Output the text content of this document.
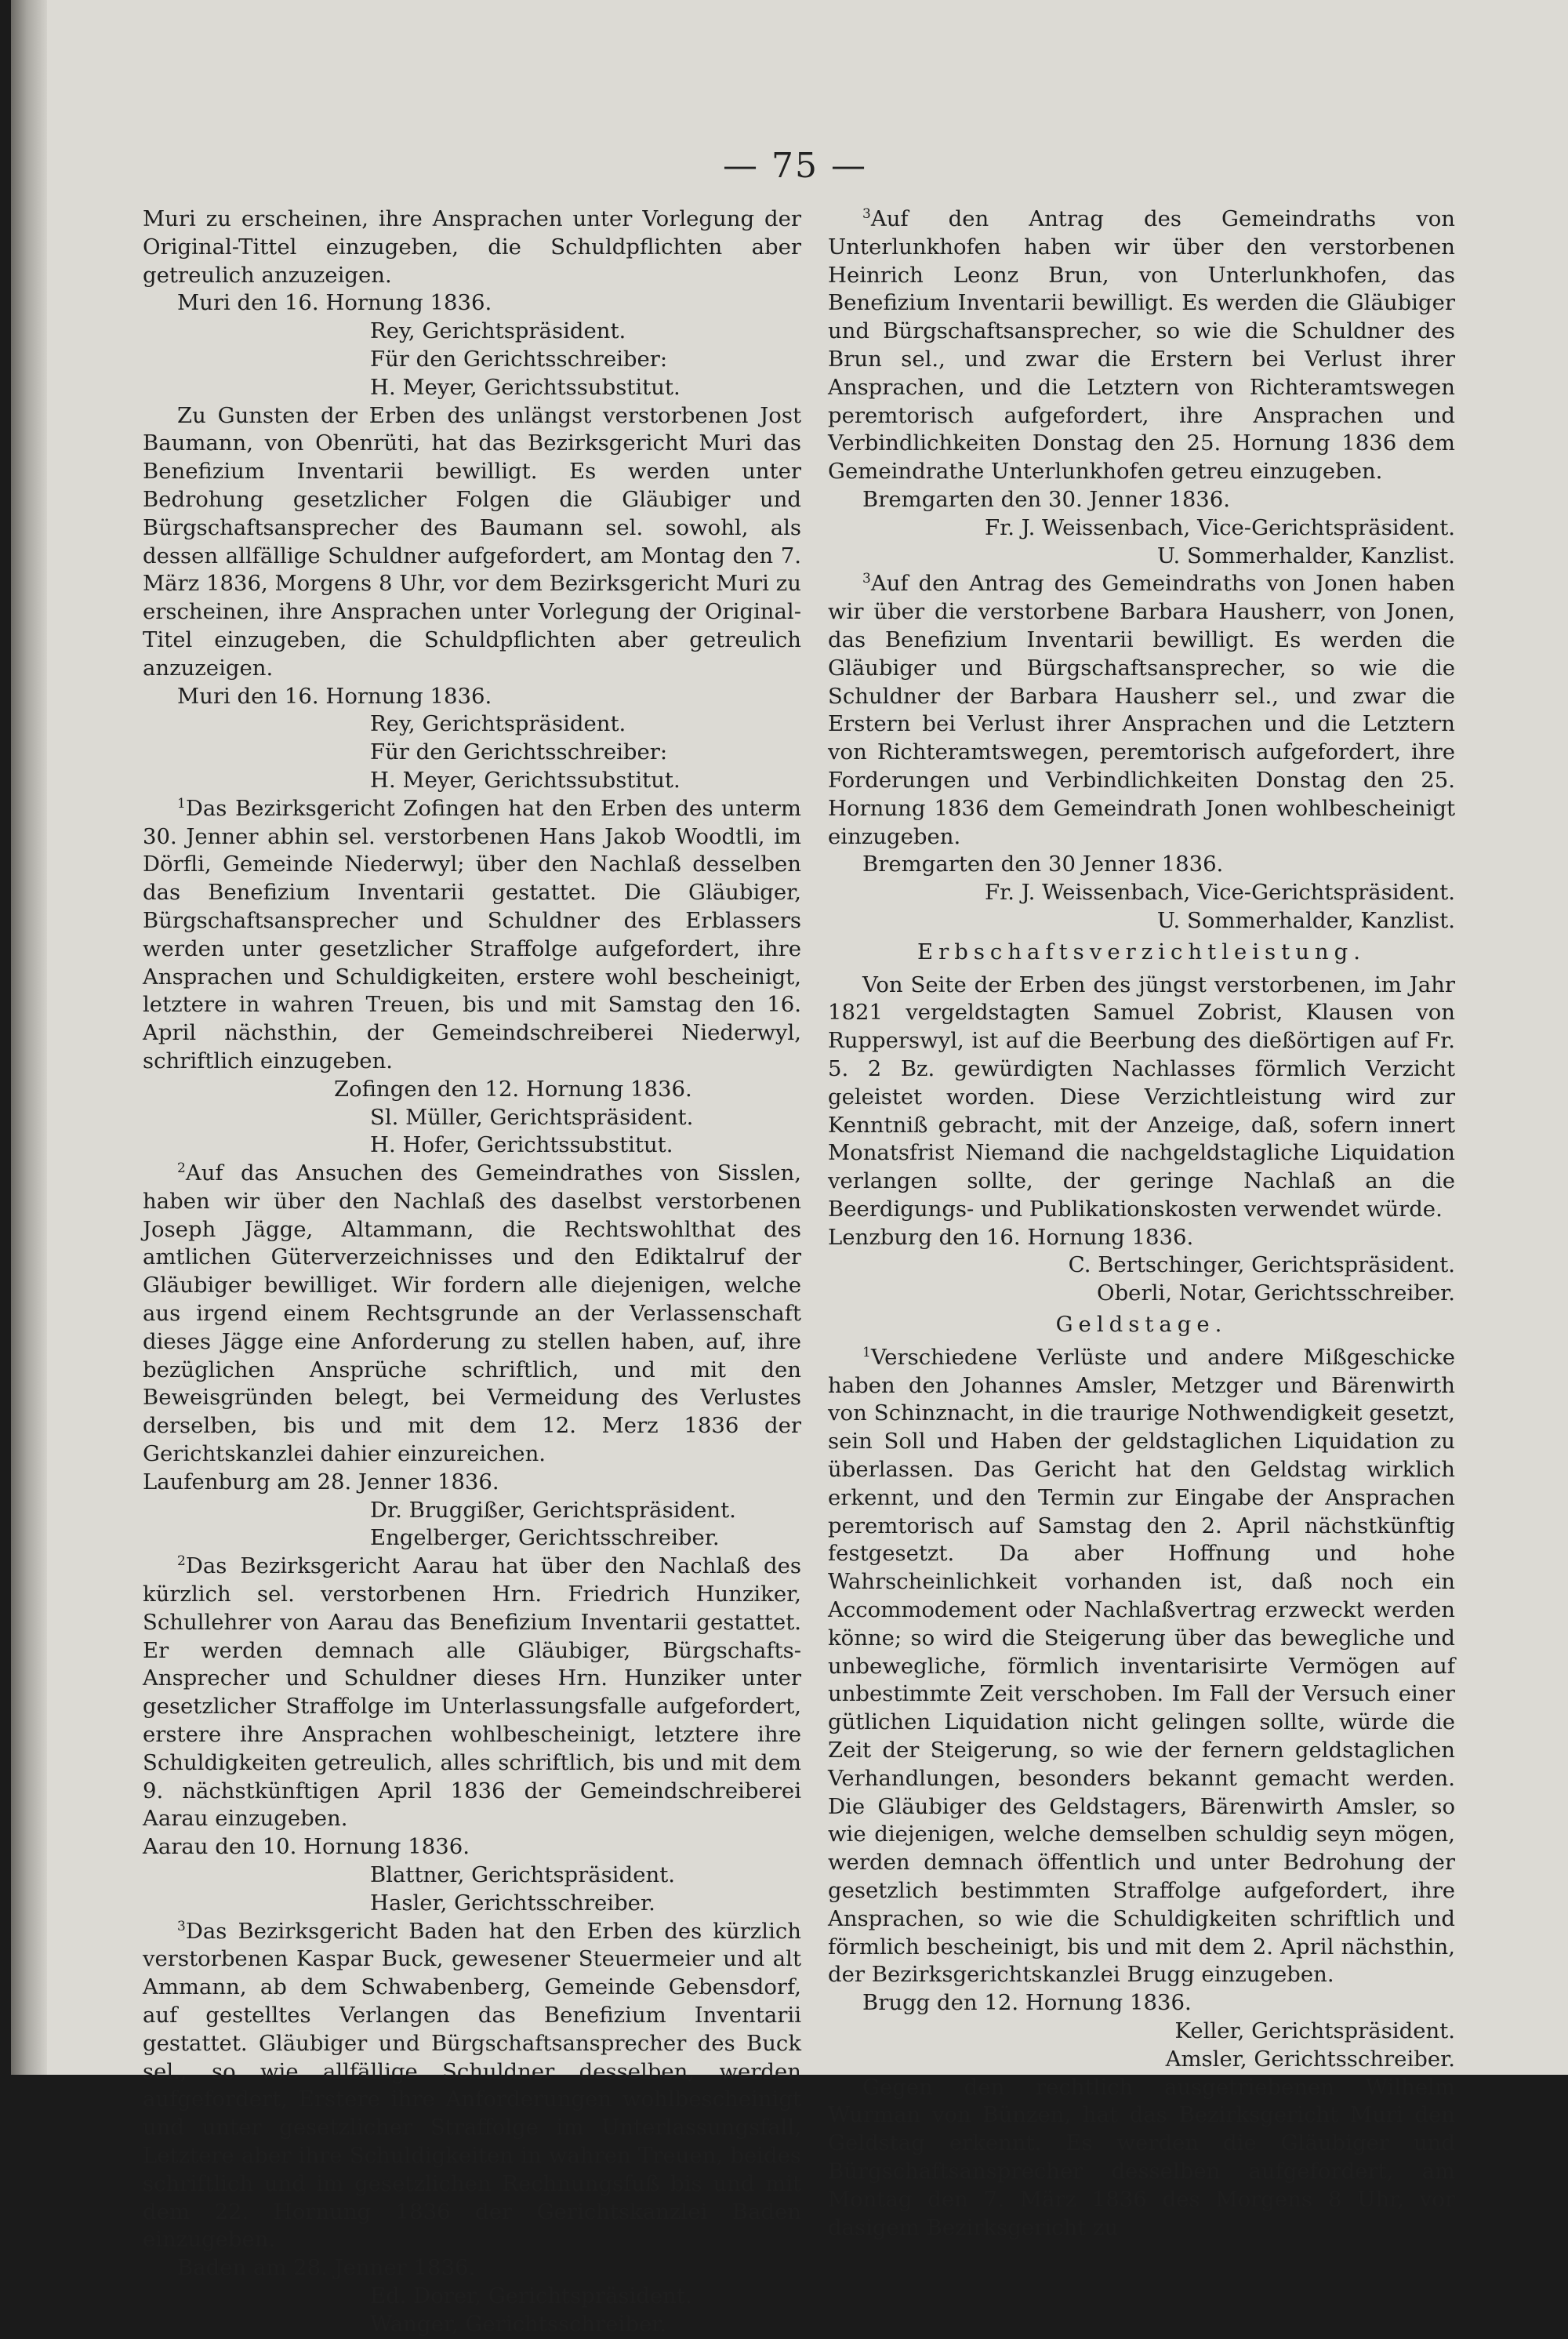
— 75 —

Muri zu erscheinen, ihre Ansprachen unter Vorlegung der Original-Tittel einzugeben, die Schuldpflichten aber getreulich anzuzeigen.

Muri den 16. Hornung 1836.

Rey, Gerichtspräsident.

Für den Gerichtsschreiber:

H. Meyer, Gerichtssubstitut.

Zu Gunsten der Erben des unlängst verstorbenen Jost Baumann, von Obenrüti, hat das Bezirksgericht Muri das Benefizium Inventarii bewilligt. Es werden unter Bedrohung gesetzlicher Folgen die Gläubiger und Bürgschaftsansprecher des Baumann sel. sowohl, als dessen allfällige Schuldner aufgefordert, am Montag den 7. März 1836, Morgens 8 Uhr, vor dem Bezirksgericht Muri zu erscheinen, ihre Ansprachen unter Vorlegung der Original-Titel einzugeben, die Schuldpflichten aber getreulich anzuzeigen.

Muri den 16. Hornung 1836.

Rey, Gerichtspräsident.

Für den Gerichtsschreiber:

H. Meyer, Gerichtssubstitut.

$^1$Das Bezirksgericht Zofingen hat den Erben des unterm 30. Jenner abhin sel. verstorbenen Hans Jakob Woodtli, im Dörfli, Gemeinde Niederwyl; über den Nachlaß desselben das Benefizium Inventarii gestattet. Die Gläubiger, Bürgschaftsansprecher und Schuldner des Erblassers werden unter gesetzlicher Straffolge aufgefordert, ihre Ansprachen und Schuldigkeiten, erstere wohl bescheinigt, letztere in wahren Treuen, bis und mit Samstag den 16. April nächsthin, der Gemeindschreiberei Niederwyl, schriftlich einzugeben.

Zofingen den 12. Hornung 1836.

Sl. Müller, Gerichtspräsident.

H. Hofer, Gerichtssubstitut.

$^2$Auf das Ansuchen des Gemeindrathes von Sisslen, haben wir über den Nachlaß des daselbst verstorbenen Joseph Jägge, Altammann, die Rechtswohlthat des amtlichen Güterverzeichnisses und den Ediktalruf der Gläubiger bewilliget. Wir fordern alle diejenigen, welche aus irgend einem Rechtsgrunde an der Verlassenschaft dieses Jägge eine Anforderung zu stellen haben, auf, ihre bezüglichen Ansprüche schriftlich, und mit den Beweisgründen belegt, bei Vermeidung des Verlustes derselben, bis und mit dem 12. Merz 1836 der Gerichtskanzlei dahier einzureichen.

Laufenburg am 28. Jenner 1836.

Dr. Bruggißer, Gerichtspräsident.

Engelberger, Gerichtsschreiber.

$^2$Das Bezirksgericht Aarau hat über den Nachlaß des kürzlich sel. verstorbenen Hrn. Friedrich Hunziker, Schullehrer von Aarau das Benefizium Inventarii gestattet. Er werden demnach alle Gläubiger, Bürgschafts-Ansprecher und Schuldner dieses Hrn. Hunziker unter gesetzlicher Straffolge im Unterlassungsfalle aufgefordert, erstere ihre Ansprachen wohlbescheinigt, letztere ihre Schuldigkeiten getreulich, alles schriftlich, bis und mit dem 9. nächstkünftigen April 1836 der Gemeindschreiberei Aarau einzugeben.

Aarau den 10. Hornung 1836.

Blattner, Gerichtspräsident.

Hasler, Gerichtsschreiber.

$^3$Das Bezirksgericht Baden hat den Erben des kürzlich verstorbenen Kaspar Buck, gewesener Steuermeier und alt Ammann, ab dem Schwabenberg, Gemeinde Gebensdorf, auf gestelltes Verlangen das Benefizium Inventarii gestattet. Gläubiger und Bürgschaftsansprecher des Buck sel., so wie allfällige Schuldner desselben, werden aufgefordert, Erstere ihre Anforderungen wohlbescheinigt und unter gesetzlicher Straffolge im Unterlassungsfall, Letztere aber ihre Schuldigkeiten in wahren Treuen, beides schriftlich und im gesetzlichen Rechnungsfuß bis und mit dem 22. Hornung 1836 der Gerichtskanzlei Baden einzugeben.

Baden am 28. Jenner 1836.

Ed. Dorer, Gerichtspräsident.

Wanger, Gerichtsschreiber.

$^3$Auf den Antrag des Gemeindraths von Unterlunkhofen haben wir über den verstorbenen Heinrich Leonz Brun, von Unterlunkhofen, das Benefizium Inventarii bewilligt. Es werden die Gläubiger und Bürgschaftsansprecher, so wie die Schuldner des Brun sel., und zwar die Erstern bei Verlust ihrer Ansprachen, und die Letztern von Richteramtswegen peremtorisch aufgefordert, ihre Ansprachen und Verbindlichkeiten Donstag den 25. Hornung 1836 dem Gemeindrathe Unterlunkhofen getreu einzugeben.

Bremgarten den 30. Jenner 1836.

Fr. J. Weissenbach, Vice-Gerichtspräsident.

U. Sommerhalder, Kanzlist.

$^3$Auf den Antrag des Gemeindraths von Jonen haben wir über die verstorbene Barbara Hausherr, von Jonen, das Benefizium Inventarii bewilligt. Es werden die Gläubiger und Bürgschaftsansprecher, so wie die Schuldner der Barbara Hausherr sel., und zwar die Erstern bei Verlust ihrer Ansprachen und die Letztern von Richteramtswegen, peremtorisch aufgefordert, ihre Forderungen und Verbindlichkeiten Donstag den 25. Hornung 1836 dem Gemeindrath Jonen wohlbescheinigt einzugeben.

Bremgarten den 30 Jenner 1836.

Fr. J. Weissenbach, Vice-Gerichtspräsident.

U. Sommerhalder, Kanzlist.

Erbschaftsverzichtleistung.

Von Seite der Erben des jüngst verstorbenen, im Jahr 1821 vergeldstagten Samuel Zobrist, Klausen von Rupperswyl, ist auf die Beerbung des dießörtigen auf Fr. 5. 2 Bz. gewürdigten Nachlasses förmlich Verzicht geleistet worden. Diese Verzichtleistung wird zur Kenntniß gebracht, mit der Anzeige, daß, sofern innert Monatsfrist Niemand die nachgeldstagliche Liquidation verlangen sollte, der geringe Nachlaß an die Beerdigungs- und Publikationskosten verwendet würde.

Lenzburg den 16. Hornung 1836.

C. Bertschinger, Gerichtspräsident.

Oberli, Notar, Gerichtsschreiber.

Geldstage.

$^1$Verschiedene Verlüste und andere Mißgeschicke haben den Johannes Amsler, Metzger und Bärenwirth von Schinznacht, in die traurige Nothwendigkeit gesetzt, sein Soll und Haben der geldstaglichen Liquidation zu überlassen. Das Gericht hat den Geldstag wirklich erkennt, und den Termin zur Eingabe der Ansprachen peremtorisch auf Samstag den 2. April nächstkünftig festgesetzt. Da aber Hoffnung und hohe Wahrscheinlichkeit vorhanden ist, daß noch ein Accommodement oder Nachlaßvertrag erzweckt werden könne; so wird die Steigerung über das bewegliche und unbewegliche, förmlich inventarisirte Vermögen auf unbestimmte Zeit verschoben. Im Fall der Versuch einer gütlichen Liquidation nicht gelingen sollte, würde die Zeit der Steigerung, so wie der fernern geldstaglichen Verhandlungen, besonders bekannt gemacht werden. Die Gläubiger des Geldstagers, Bärenwirth Amsler, so wie diejenigen, welche demselben schuldig seyn mögen, werden demnach öffentlich und unter Bedrohung der gesetzlich bestimmten Straffolge aufgefordert, ihre Ansprachen, so wie die Schuldigkeiten schriftlich und förmlich bescheinigt, bis und mit dem 2. April nächsthin, der Bezirksgerichtskanzlei Brugg einzugeben.

Brugg den 12. Hornung 1836.

Keller, Gerichtspräsident.

Amsler, Gerichtsschreiber.

Gegen den rechtlich ausgetriebenen Wilhelm Wurman von Bünzen, hat das Bezirksgericht Muri den Geldstag erkennt. Es werden die Gläubiger und Bürgschaftsansprecher desselben aufgefordert, am Montag den 7. März 1836 des Morgens 8 Uhr, vor dasigem Bezirksgericht zu
